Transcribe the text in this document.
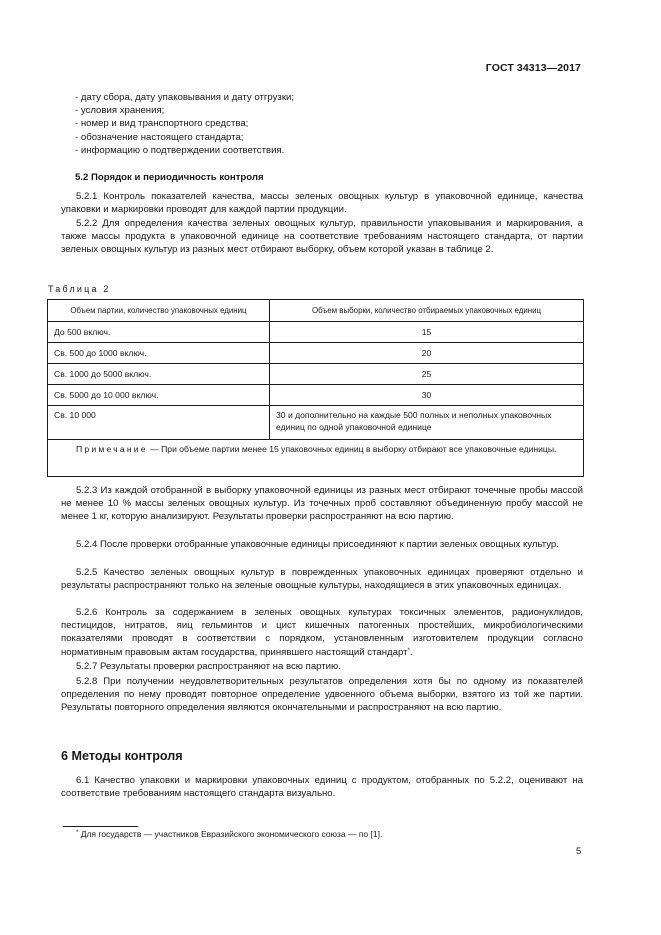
ГОСТ 34313—2017
- дату сбора, дату упаковывания и дату отгрузки;
- условия хранения;
- номер и вид транспортного средства;
- обозначение настоящего стандарта;
- информацию о подтверждении соответствия.
5.2 Порядок и периодичность контроля
5.2.1 Контроль показателей качества, массы зеленых овощных культур в упаковочной единице, качества упаковки и маркировки проводят для каждой партии продукции.
5.2.2 Для определения качества зеленых овощных культур, правильности упаковывания и маркирования, а также массы продукта в упаковочной единице на соответствие требованиям настоящего стандарта, от партии зеленых овощных культур из разных мест отбирают выборку, объем которой указан в таблице 2.
Таблица 2
Объем партии, количество упаковочных единиц	Объем выборки, количество отбираемых упаковочных единиц
До 500 включ.	15
Св. 500 до 1000 включ.	20
Св. 1000 до 5000 включ.	25
Св. 5000 до 10 000 включ.	30
Св. 10 000	30 и дополнительно на каждые 500 полных и неполных упаковочных единиц по одной упаковочной единице
Примечание — При объеме партии менее 15 упаковочных единиц в выборку отбирают все упаковочные единицы.	
5.2.3 Из каждой отобранной в выборку упаковочной единицы из разных мест отбирают точечные пробы массой не менее 10 % массы зеленых овощных культур. Из точечных проб составляют объединенную пробу массой не менее 1 кг, которую анализируют. Результаты проверки распространяют на всю партию.
5.2.4 После проверки отобранные упаковочные единицы присоединяют к партии зеленых овощных культур.
5.2.5 Качество зеленых овощных культур в поврежденных упаковочных единицах проверяют отдельно и результаты распространяют только на зеленые овощные культуры, находящиеся в этих упаковочных единицах.
5.2.6 Контроль за содержанием в зеленых овощных культурах токсичных элементов, радионуклидов, пестицидов, нитратов, яиц гельминтов и цист кишечных патогенных простейших, микробиологическими показателями проводят в соответствии с порядком, установленным изготовителем продукции согласно нормативным правовым актам государства, принявшего настоящий стандарт*.
5.2.7 Результаты проверки распространяют на всю партию.
5.2.8 При получении неудовлетворительных результатов определения хотя бы по одному из показателей определения по нему проводят повторное определение удвоенного объема выборки, взятого из той же партии. Результаты повторного определения являются окончательными и распространяют на всю партию.
6 Методы контроля
6.1 Качество упаковки и маркировки упаковочных единиц с продуктом, отобранных по 5.2.2, оценивают на соответствие требованиям настоящего стандарта визуально.
* Для государств — участников Евразийского экономического союза — по [1].
5
